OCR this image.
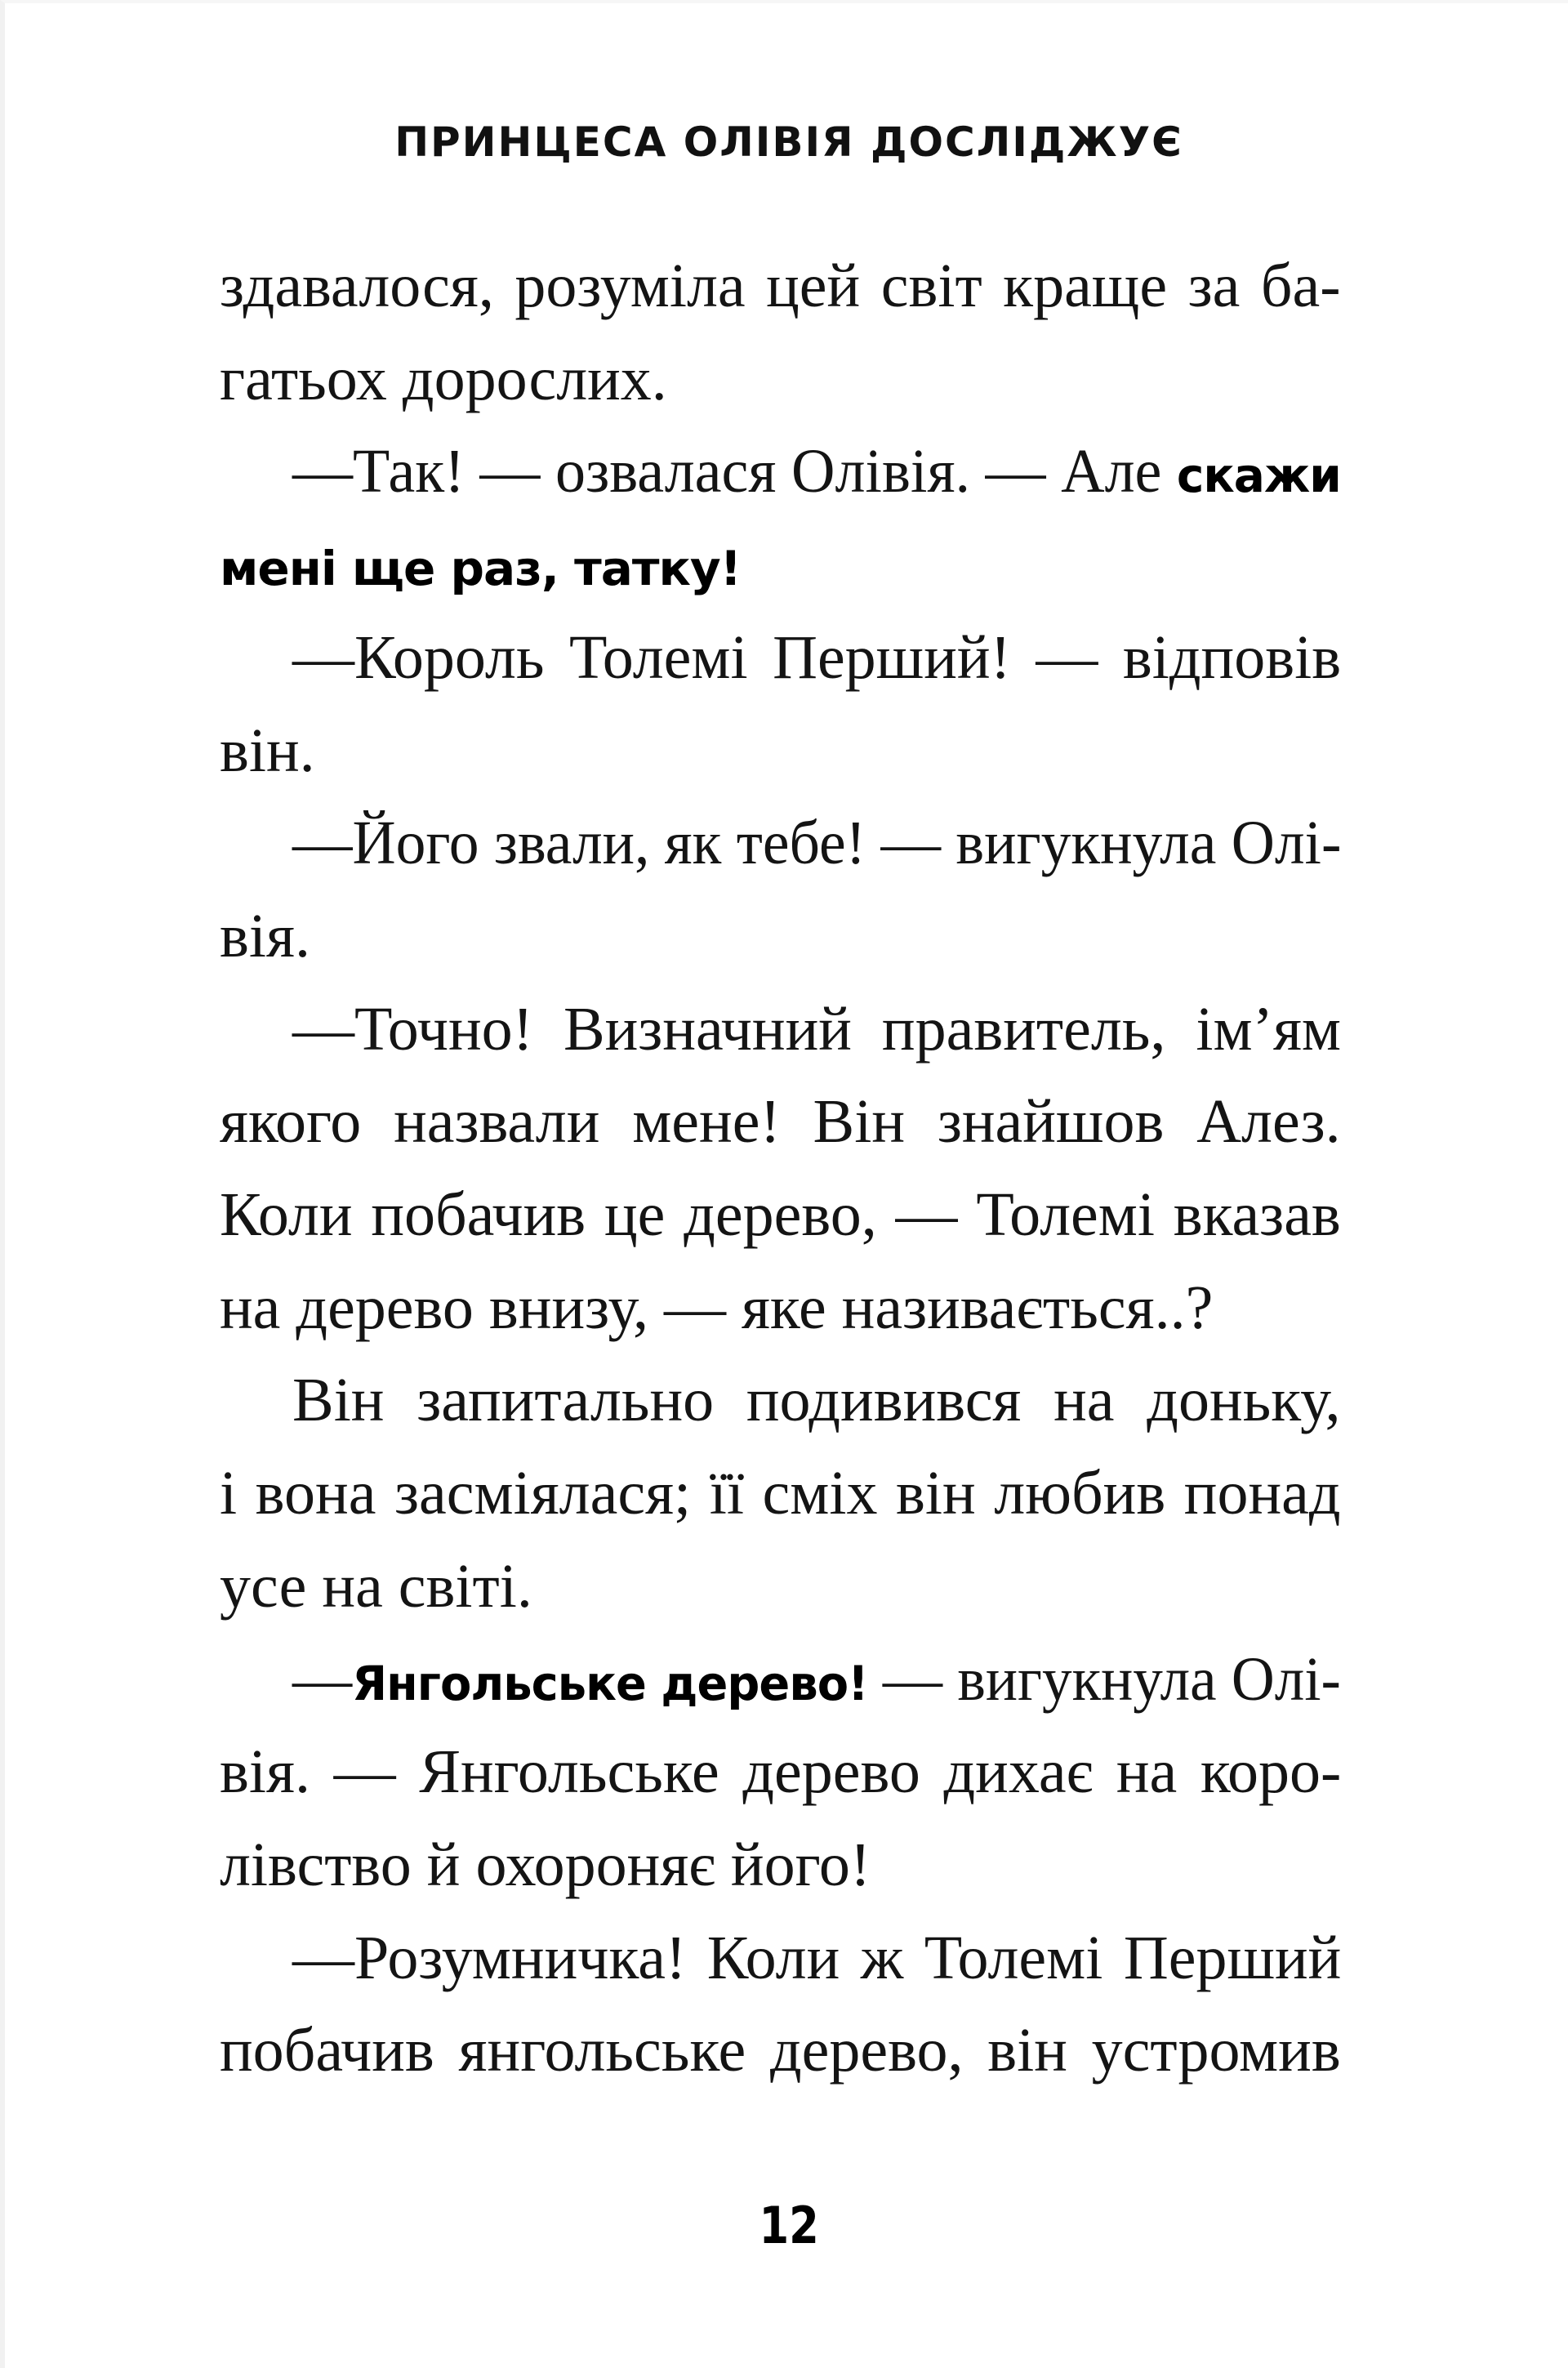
ПРИНЦЕСА ОЛІВІЯ ДОСЛІДЖУЄ
здавалося, розуміла цей світ краще за ба-
гатьох дорослих.
—Так! — озвалася Олівія. — Але скажи
мені ще раз, татку!
—Король Толемі Перший! — відповів
він.
—Його звали, як тебе! — вигукнула Олі-
вія.
—Точно! Визначний правитель, ім’ям
якого назвали мене! Він знайшов Алез.
Коли побачив це дерево, — Толемі вказав
на дерево внизу, — яке називається..?
Він запитально подивився на доньку,
і вона засміялася; її сміх він любив понад
усе на світі.
—Янгольське дерево! — вигукнула Олі-
вія. — Янгольське дерево дихає на коро-
лівство й охороняє його!
—Розумничка! Коли ж Толемі Перший
побачив янгольське дерево, він устромив
12
